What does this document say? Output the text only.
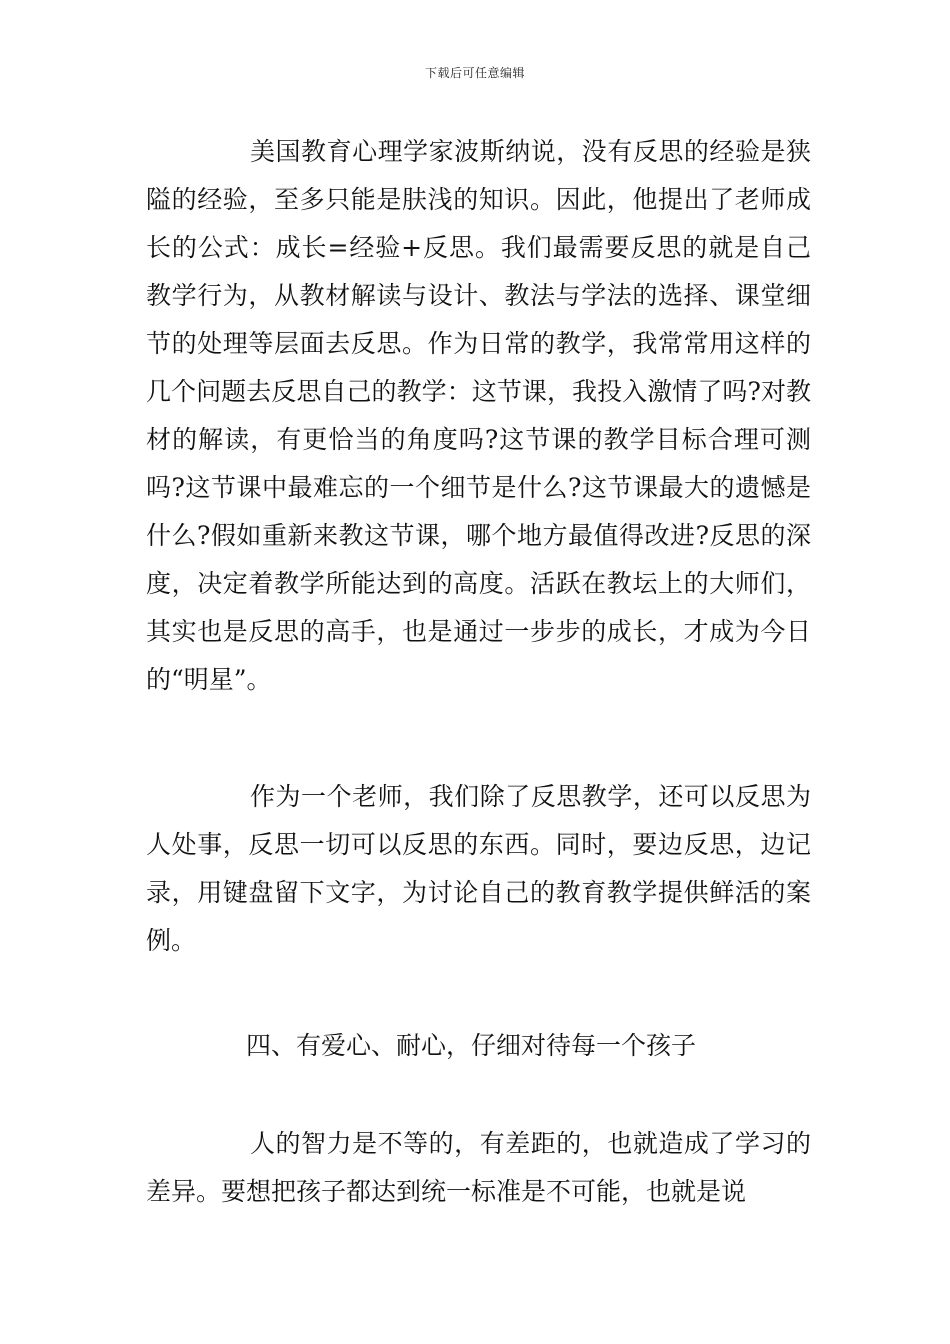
下载后可任意编辑
美国教育心理学家波斯纳说，没有反思的经验是狭隘的经验，至多只能是肤浅的知识。因此，他提出了老师成长的公式：成长=经验+反思。我们最需要反思的就是自己教学行为，从教材解读与设计、教法与学法的选择、课堂细节的处理等层面去反思。作为日常的教学，我常常用这样的几个问题去反思自己的教学：这节课，我投入激情了吗?对教材的解读，有更恰当的角度吗?这节课的教学目标合理可测吗?这节课中最难忘的一个细节是什么?这节课最大的遗憾是什么?假如重新来教这节课，哪个地方最值得改进?反思的深度，决定着教学所能达到的高度。活跃在教坛上的大师们，其实也是反思的高手，也是通过一步步的成长，才成为今日的“明星”。
作为一个老师，我们除了反思教学，还可以反思为人处事，反思一切可以反思的东西。同时，要边反思，边记录，用键盘留下文字，为讨论自己的教育教学提供鲜活的案例。
四、有爱心、耐心，仔细对待每一个孩子
人的智力是不等的，有差距的，也就造成了学习的差异。要想把孩子都达到统一标准是不可能，也就是说
